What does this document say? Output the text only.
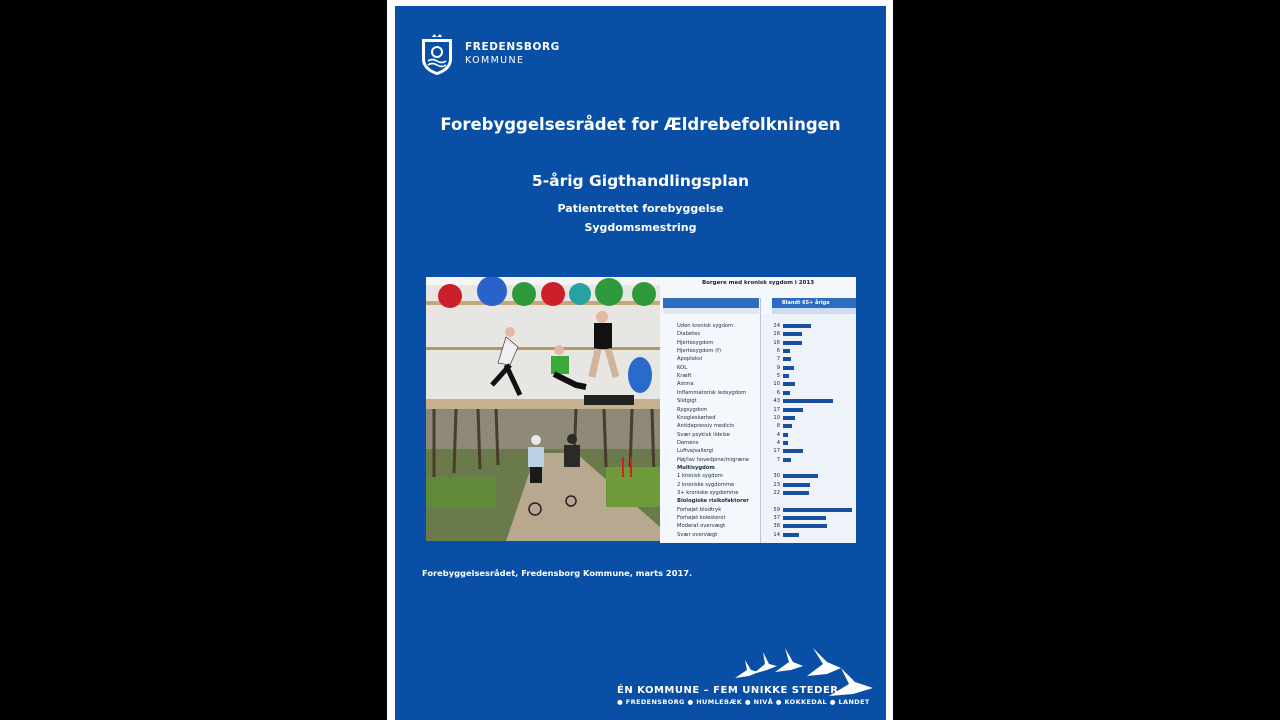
FREDENSBORG
KOMMUNE
Forebyggelsesrådet for Ældrebefolkningen
5-årig Gigthandlingsplan
Patientrettet forebyggelse
Sygdomsmestring
Borgere med kronisk sygdom i 2013
Blandt 65+ årige
Uden kronisk sygdom	24
Diabetes	16
Hjertesygdom	16
Hjertesygdom (f)	6
Apopleksi	7
KOL	9
Kræft	5
Astma	10
Inflammatorisk ledsygdom	6
Slidgigt	43
Rygsygdom	17
Knogleskørhed	10
Antidepressiv medicin	8
Svær psykisk lidelse	4
Demens	4
Luftvejsallergi	17
Høj/lav hovedpine/migræne	7
Multisygdom
1 kronisk sygdom	30
2 kroniske sygdomme	23
3+ kroniske sygdomme	22
Biologiske risikofaktorer
Forhøjet blodtryk	59
Forhøjet kolesterol	37
Moderat overvægt	38
Svær overvægt	14
Forebyggelsesrådet, Fredensborg Kommune, marts 2017.
ÉN KOMMUNE – FEM UNIKKE STEDER
● FREDENSBORG ● HUMLEBÆK ● NIVÅ ● KOKKEDAL ● LANDET
